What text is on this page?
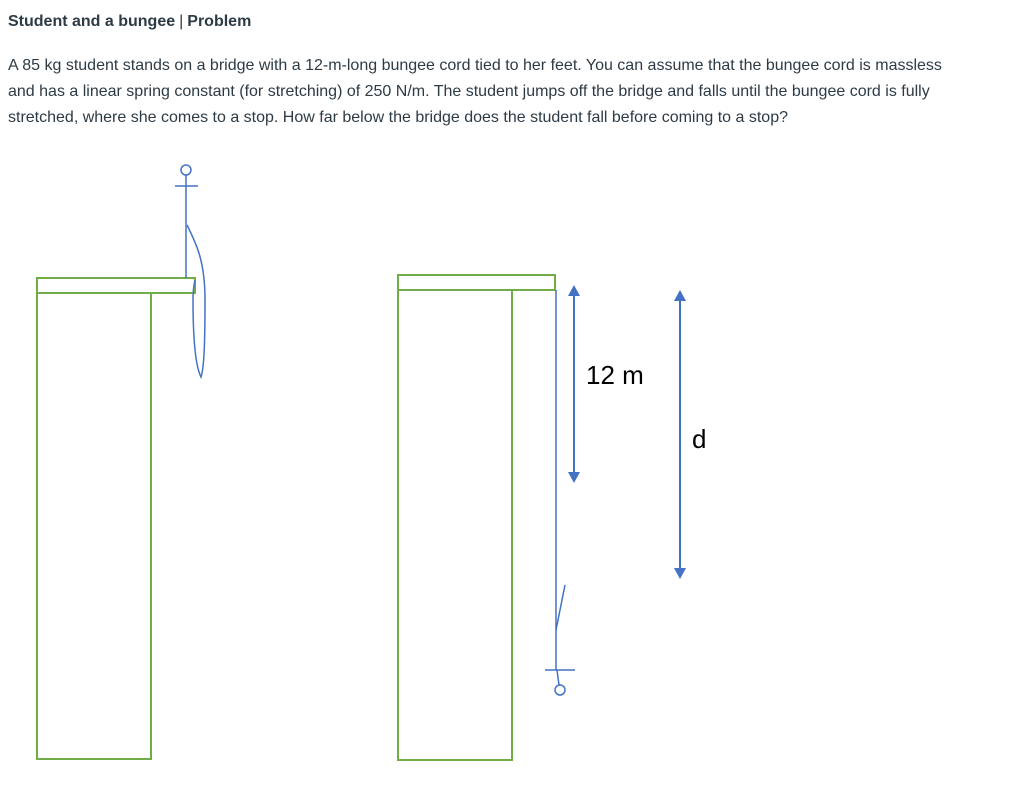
Student and a bungee | Problem

A 85 kg student stands on a bridge with a 12-m-long bungee cord tied to her feet. You can assume that the bungee cord is massless

and has a linear spring constant (for stretching) of 250 N/m. The student jumps off the bridge and falls until the bungee cord is fully

stretched, where she comes to a stop. How far below the bridge does the student fall before coming to a stop?

12 m
d
